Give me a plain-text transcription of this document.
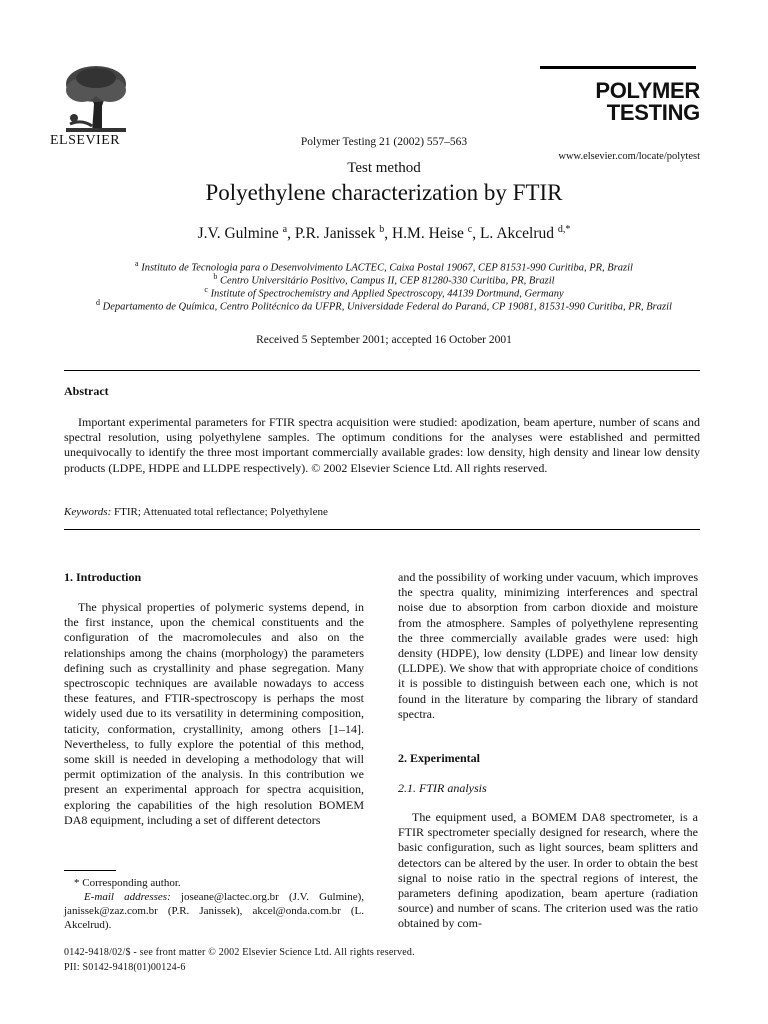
ELSEVIER	Polymer Testing 21 (2002) 557–563
POLYMER
TESTING
www.elsevier.com/locate/polytest
Test method
Polyethylene characterization by FTIR
J.V. Gulmine $^a$, P.R. Janissek $^b$, H.M. Heise $^c$, L. Akcelrud $^{d,*}$
$^a$ Instituto de Tecnologia para o Desenvolvimento LACTEC, Caixa Postal 19067, CEP 81531-990 Curitiba, PR, Brazil
$^b$ Centro Universitário Positivo, Campus II, CEP 81280-330 Curitiba, PR, Brazil
$^c$ Institute of Spectrochemistry and Applied Spectroscopy, 44139 Dortmund, Germany
$^d$ Departamento de Química, Centro Politécnico da UFPR, Universidade Federal do Paraná, CP 19081, 81531-990 Curitiba, PR, Brazil
Received 5 September 2001; accepted 16 October 2001
Abstract
Important experimental parameters for FTIR spectra acquisition were studied: apodization, beam aperture, number of scans and spectral resolution, using polyethylene samples. The optimum conditions for the analyses were established and permitted unequivocally to identify the three most important commercially available grades: low density, high density and linear low density products (LDPE, HDPE and LLDPE respectively). © 2002 Elsevier Science Ltd. All rights reserved.
Keywords: FTIR; Attenuated total reflectance; Polyethylene
1. Introduction
The physical properties of polymeric systems depend, in the first instance, upon the chemical constituents and the configuration of the macromolecules and also on the relationships among the chains (morphology) the parameters defining such as crystallinity and phase segregation. Many spectroscopic techniques are available nowadays to access these features, and FTIR-spectroscopy is perhaps the most widely used due to its versatility in determining composition, taticity, conformation, crystallinity, among others [1–14]. Nevertheless, to fully explore the potential of this method, some skill is needed in developing a methodology that will permit optimization of the analysis. In this contribution we present an experimental approach for spectra acquisition, exploring the capabilities of the high resolution BOMEM DA8 equipment, including a set of different detectors
* Corresponding author.
E-mail addresses: joseane@lactec.org.br (J.V. Gulmine), janissek@zaz.com.br (P.R. Janissek), akcel@onda.com.br (L. Akcelrud).
and the possibility of working under vacuum, which improves the spectra quality, minimizing interferences and spectral noise due to absorption from carbon dioxide and moisture from the atmosphere. Samples of polyethylene representing the three commercially available grades were used: high density (HDPE), low density (LDPE) and linear low density (LLDPE). We show that with appropriate choice of conditions it is possible to distinguish between each one, which is not found in the literature by comparing the library of standard spectra.
2. Experimental
2.1. FTIR analysis
The equipment used, a BOMEM DA8 spectrometer, is a FTIR spectrometer specially designed for research, where the basic configuration, such as light sources, beam splitters and detectors can be altered by the user. In order to obtain the best signal to noise ratio in the spectral regions of interest, the parameters defining apodization, beam aperture (radiation source) and number of scans. The criterion used was the ratio obtained by com-
0142-9418/02/$ - see front matter © 2002 Elsevier Science Ltd. All rights reserved.
PII: S0142-9418(01)00124-6
